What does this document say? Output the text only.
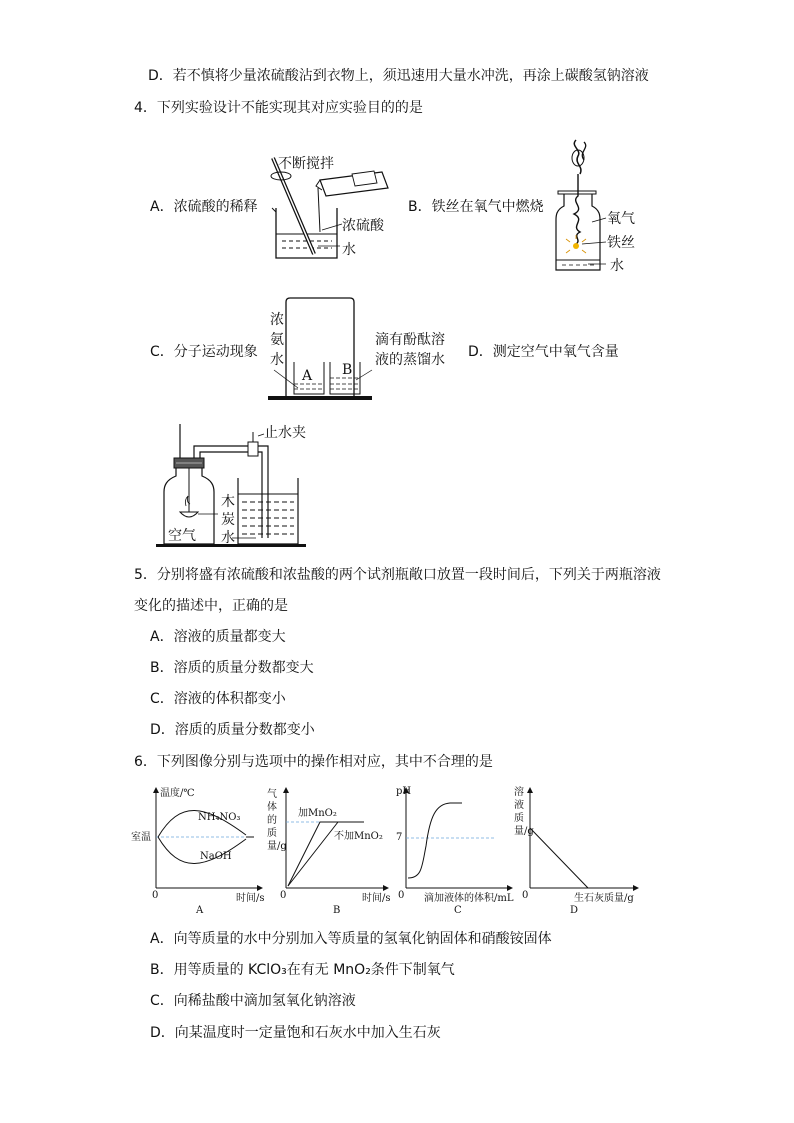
D．若不慎将少量浓硫酸沾到衣物上，须迅速用大量水冲洗，再涂上碳酸氢钠溶液
4．下列实验设计不能实现其对应实验目的的是
A．浓硫酸的稀释
不断搅拌
浓硫酸
水
B．铁丝在氧气中燃烧
氧气
铁丝
水
C．分子运动现象
浓
氨
水
A B
滴有酚酞溶
液的蒸馏水 D．测定空气中氧气含量
止水夹
木
炭
空气 水
5．分别将盛有浓硫酸和浓盐酸的两个试剂瓶敞口放置一段时间后，下列关于两瓶溶液
变化的描述中，正确的是
A．溶液的质量都变大
B．溶质的质量分数都变大
C．溶液的体积都变小
D．溶质的质量分数都变小
6．下列图像分别与选项中的操作相对应，其中不合理的是
温度/℃
室温
NH₄NO₃
NaOH
0	时间/s
A
气体的质量/g
加MnO₂
不加MnO₂
0	时间/s
B
pH
7
0 滴加液体的体积/mL
C
溶液质量/g
0	生石灰质量/g
D
A．向等质量的水中分别加入等质量的氢氧化钠固体和硝酸铵固体
B．用等质量的 KClO₃在有无 MnO₂条件下制氧气
C．向稀盐酸中滴加氢氧化钠溶液
D．向某温度时一定量饱和石灰水中加入生石灰
